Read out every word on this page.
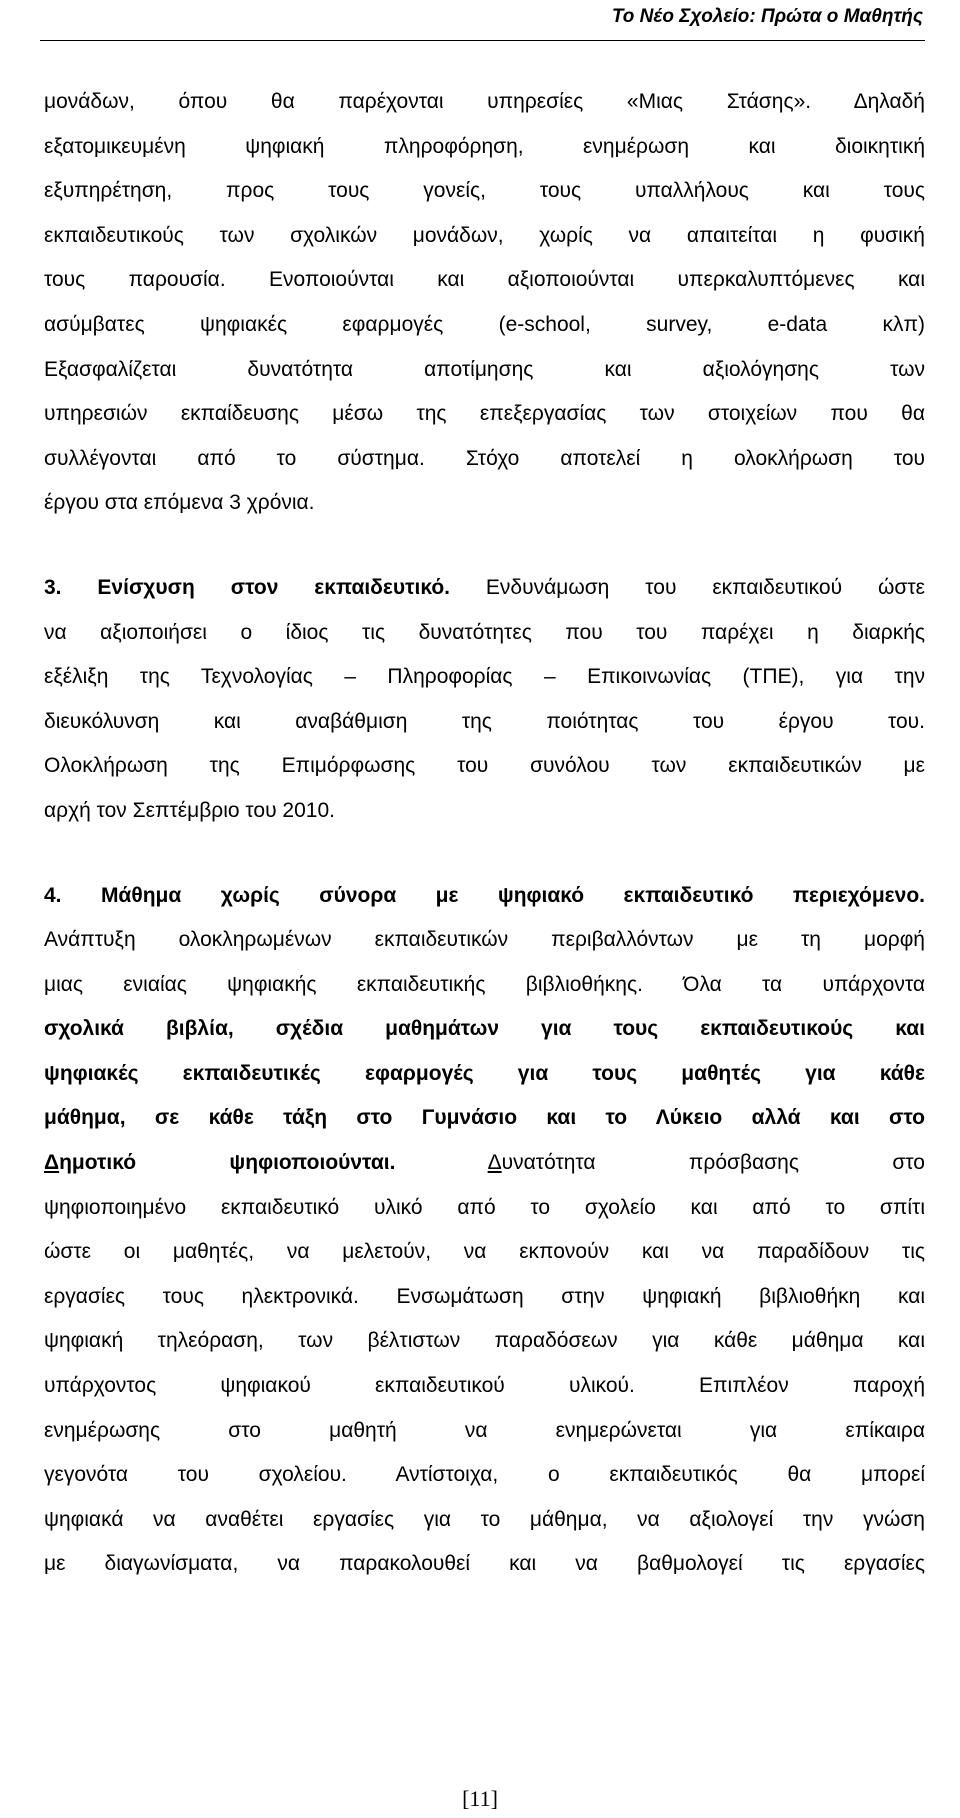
Το Νέο Σχολείο: Πρώτα ο Μαθητής
μονάδων, όπου θα παρέχονται υπηρεσίες «Μιας Στάσης». Δηλαδή
εξατομικευμένη ψηφιακή πληροφόρηση, ενημέρωση και διοικητική
εξυπηρέτηση, προς τους γονείς, τους υπαλλήλους και τους
εκπαιδευτικούς των σχολικών μονάδων, χωρίς να απαιτείται η φυσική
τους παρουσία. Ενοποιούνται και αξιοποιούνται υπερκαλυπτόμενες και
ασύμβατες ψηφιακές εφαρμογές (e-school, survey, e-data κλπ)
Εξασφαλίζεται δυνατότητα αποτίμησης και αξιολόγησης των
υπηρεσιών εκπαίδευσης μέσω της επεξεργασίας των στοιχείων που θα
συλλέγονται από το σύστημα. Στόχο αποτελεί η ολοκλήρωση του
έργου στα επόμενα 3 χρόνια.
3. Ενίσχυση στον εκπαιδευτικό. Ενδυνάμωση του εκπαιδευτικού ώστε
να αξιοποιήσει ο ίδιος τις δυνατότητες που του παρέχει η διαρκής
εξέλιξη της Τεχνολογίας – Πληροφορίας – Επικοινωνίας (ΤΠΕ), για την
διευκόλυνση και αναβάθμιση της ποιότητας του έργου του.
Ολοκλήρωση της Επιμόρφωσης του συνόλου των εκπαιδευτικών με
αρχή τον Σεπτέμβριο του 2010.
4. Μάθημα χωρίς σύνορα με ψηφιακό εκπαιδευτικό περιεχόμενο.
Ανάπτυξη ολοκληρωμένων εκπαιδευτικών περιβαλλόντων με τη μορφή
μιας ενιαίας ψηφιακής εκπαιδευτικής βιβλιοθήκης. Όλα τα υπάρχοντα
σχολικά βιβλία, σχέδια μαθημάτων για τους εκπαιδευτικούς και
ψηφιακές εκπαιδευτικές εφαρμογές για τους μαθητές για κάθε
μάθημα, σε κάθε τάξη στο Γυμνάσιο και το Λύκειο αλλά και στο
Δημοτικό ψηφιοποιούνται.	Δυνατότητα πρόσβασης στο
ψηφιοποιημένο εκπαιδευτικό υλικό από το σχολείο και από το σπίτι
ώστε οι μαθητές, να μελετούν, να εκπονούν και να παραδίδουν τις
εργασίες τους ηλεκτρονικά. Ενσωμάτωση στην ψηφιακή βιβλιοθήκη και
ψηφιακή τηλεόραση, των βέλτιστων παραδόσεων για κάθε μάθημα και
υπάρχοντος ψηφιακού εκπαιδευτικού υλικού. Επιπλέον παροχή
ενημέρωσης στο μαθητή να ενημερώνεται για επίκαιρα
γεγονότα του σχολείου. Αντίστοιχα, ο εκπαιδευτικός θα μπορεί
ψηφιακά να αναθέτει εργασίες για το μάθημα, να αξιολογεί την γνώση
με διαγωνίσματα, να παρακολουθεί και να βαθμολογεί τις εργασίες
[11]
